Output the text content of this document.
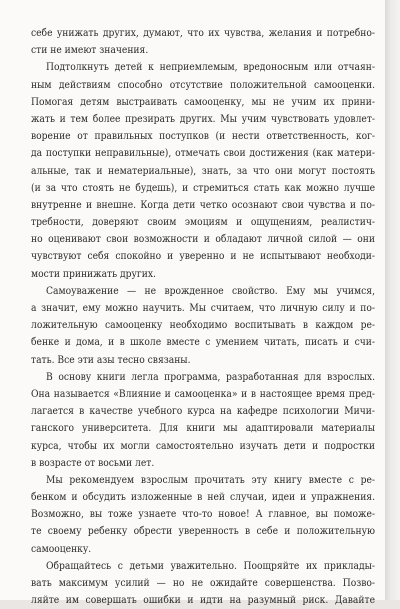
себе унижать других, думают, что их чувства, желания и потребно-
сти не имеют значения.
Подтолкнуть детей к неприемлемым, вредоносным или отчаян-
ным действиям способно отсутствие положительной самооценки.
Помогая детям выстраивать самооценку, мы не учим их прини-
жать и тем более презирать других. Мы учим чувствовать удовлет-
ворение от правильных поступков (и нести ответственность, ког-
да поступки неправильные), отмечать свои достижения (как матери-
альные, так и нематериальные), знать, за что они могут постоять
(и за что стоять не будешь), и стремиться стать как можно лучше
внутренне и внешне. Когда дети четко осознают свои чувства и по-
требности, доверяют своим эмоциям и ощущениям, реалистич-
но оценивают свои возможности и обладают личной силой — они
чувствуют себя спокойно и уверенно и не испытывают необходи-
мости принижать других.
Самоуважение — не врожденное свойство. Ему мы учимся,
а значит, ему можно научить. Мы считаем, что личную силу и по-
ложительную самооценку необходимо воспитывать в каждом ре-
бенке и дома, и в школе вместе с умением читать, писать и счи-
тать. Все эти азы тесно связаны.
В основу книги легла программа, разработанная для взрослых.
Она называется «Влияние и самооценка» и в настоящее время пред-
лагается в качестве учебного курса на кафедре психологии Мичи-
ганского университета. Для книги мы адаптировали материалы
курса, чтобы их могли самостоятельно изучать дети и подростки
в возрасте от восьми лет.
Мы рекомендуем взрослым прочитать эту книгу вместе с ре-
бенком и обсудить изложенные в ней случаи, идеи и упражнения.
Возможно, вы тоже узнаете что-то новое! А главное, вы поможе-
те своему ребенку обрести уверенность в себе и положительную
самооценку.
Обращайтесь с детьми уважительно. Поощряйте их приклады-
вать максимум усилий — но не ожидайте совершенства. Позво-
ляйте им совершать ошибки и идти на разумный риск. Давайте
